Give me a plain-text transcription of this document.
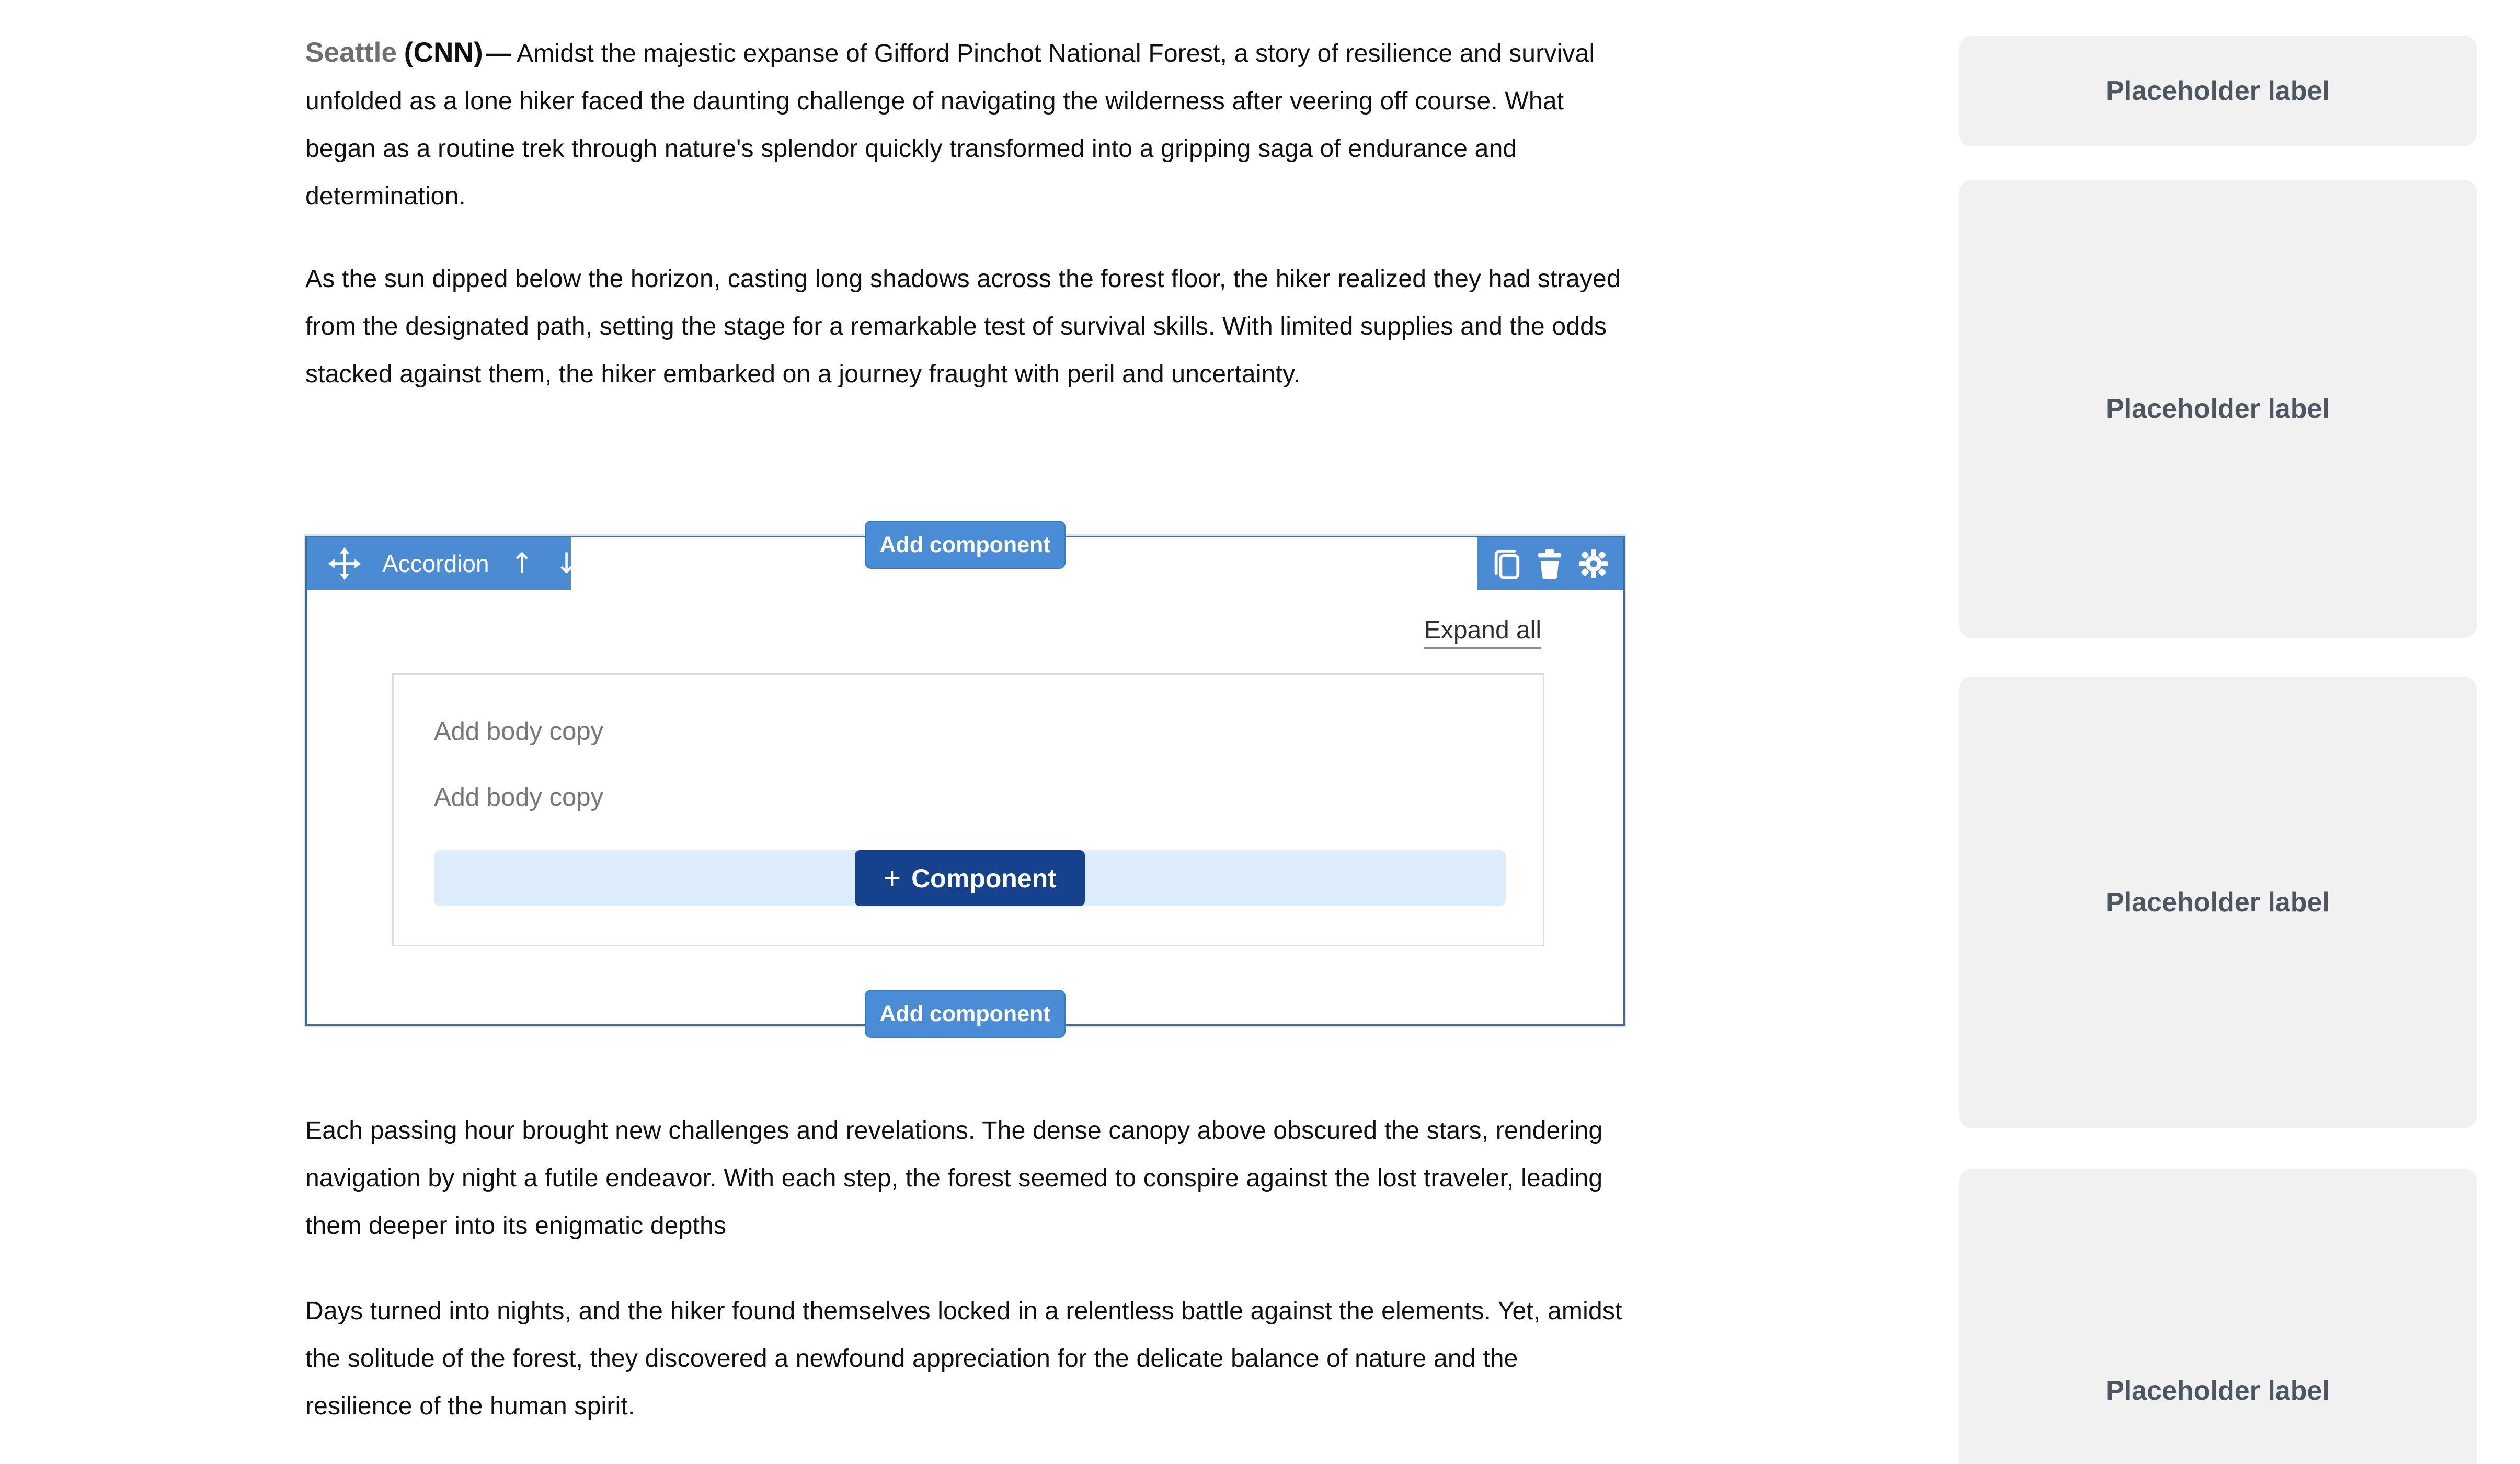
Seattle (CNN) — Amidst the majestic expanse of Gifford Pinchot National Forest, a story of resilience and survival unfolded as a lone hiker faced the daunting challenge of navigating the wilderness after veering off course. What began as a routine trek through nature's splendor quickly transformed into a gripping saga of endurance and determination.

As the sun dipped below the horizon, casting long shadows across the forest floor, the hiker realized they had strayed from the designated path, setting the stage for a remarkable test of survival skills. With limited supplies and the odds stacked against them, the hiker embarked on a journey fraught with peril and uncertainty.

Add component
Accordion ↑ ↓
Expand all
Add body copy
Add body copy
+ Component
Add component

Each passing hour brought new challenges and revelations. The dense canopy above obscured the stars, rendering navigation by night a futile endeavor. With each step, the forest seemed to conspire against the lost traveler, leading them deeper into its enigmatic depths

Days turned into nights, and the hiker found themselves locked in a relentless battle against the elements. Yet, amidst the solitude of the forest, they discovered a newfound appreciation for the delicate balance of nature and the resilience of the human spirit.

Placeholder label
Placeholder label
Placeholder label
Placeholder label
